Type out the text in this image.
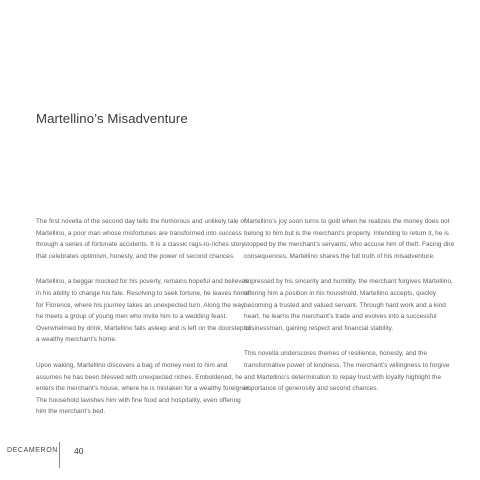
Martellino’s Misadventure

The first novella of the second day tells the humorous and unlikely tale of Martellino, a poor man whose misfortunes are transformed into success through a series of fortunate accidents. It is a classic rags-to-riches story that celebrates optimism, honesty, and the power of second chances.

Martellino, a beggar mocked for his poverty, remains hopeful and believes in his ability to change his fate. Resolving to seek fortune, he leaves home for Florence, where his journey takes an unexpected turn. Along the way, he meets a group of young men who invite him to a wedding feast. Overwhelmed by drink, Martellino falls asleep and is left on the doorstep of a wealthy merchant’s home.

Upon waking, Martellino discovers a bag of money next to him and assumes he has been blessed with unexpected riches. Emboldened, he enters the merchant’s house, where he is mistaken for a wealthy foreigner. The household lavishes him with fine food and hospitality, even offering him the merchant’s bed.

Martellino’s joy soon turns to guilt when he realizes the money does not belong to him but is the merchant’s property. Intending to return it, he is stopped by the merchant’s servants, who accuse him of theft. Facing dire consequences, Martellino shares the full truth of his misadventure.

Impressed by his sincerity and humility, the merchant forgives Martellino, offering him a position in his household. Martellino accepts, quickly becoming a trusted and valued servant. Through hard work and a kind heart, he learns the merchant’s trade and evolves into a successful businessman, gaining respect and financial stability.

This novella underscores themes of resilience, honesty, and the transformative power of kindness. The merchant’s willingness to forgive and Martellino’s determination to repay trust with loyalty highlight the importance of generosity and second chances.

DECAMERON 40
